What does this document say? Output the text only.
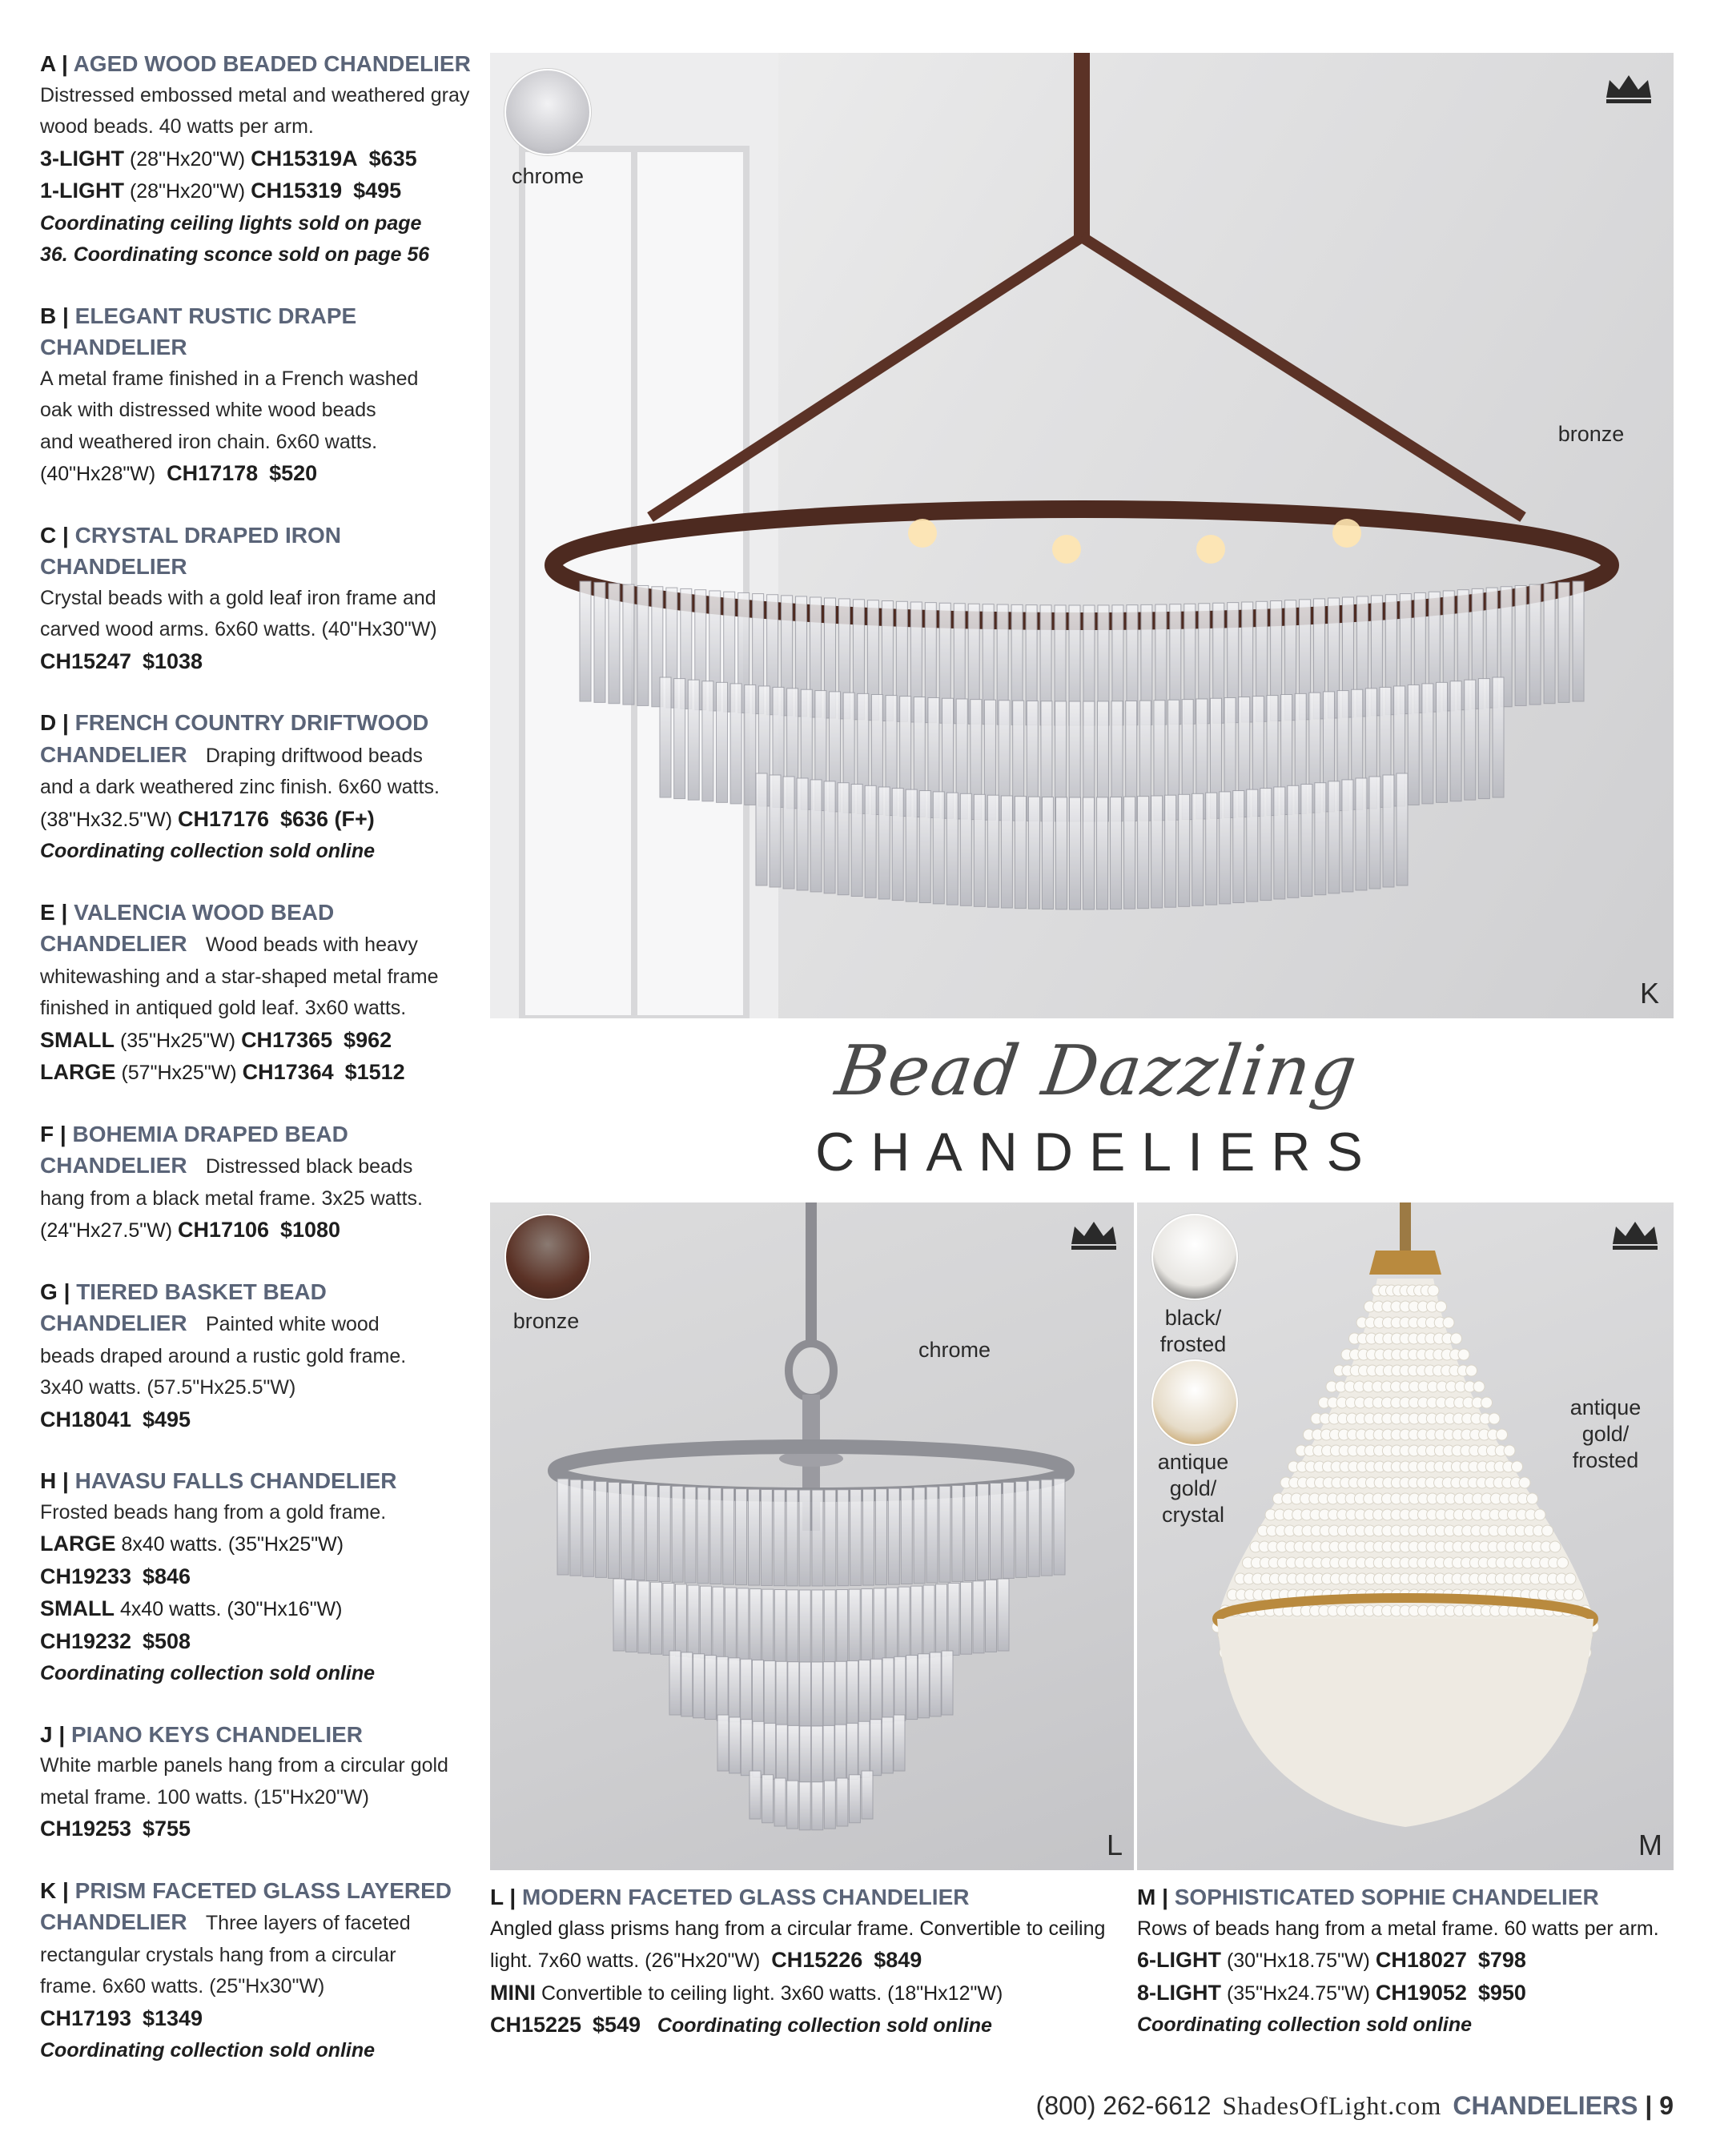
A | AGED WOOD BEADED CHANDELIER
Distressed embossed metal and weathered gray
wood beads. 40 watts per arm.
3-LIGHT (28"Hx20"W) CH15319A $635
1-LIGHT (28"Hx20"W) CH15319 $495
Coordinating ceiling lights sold on page
36. Coordinating sconce sold on page 56
B | ELEGANT RUSTIC DRAPE
CHANDELIER
A metal frame finished in a French washed
oak with distressed white wood beads
and weathered iron chain. 6x60 watts.
(40"Hx28"W) CH17178 $520
C | CRYSTAL DRAPED IRON
CHANDELIER
Crystal beads with a gold leaf iron frame and
carved wood arms. 6x60 watts. (40"Hx30"W)
CH15247 $1038
D | FRENCH COUNTRY DRIFTWOOD
CHANDELIER Draping driftwood beads
and a dark weathered zinc finish. 6x60 watts.
(38"Hx32.5"W) CH17176 $636 (F+)
Coordinating collection sold online
E | VALENCIA WOOD BEAD
CHANDELIER Wood beads with heavy
whitewashing and a star-shaped metal frame
finished in antiqued gold leaf. 3x60 watts.
SMALL (35"Hx25"W) CH17365 $962
LARGE (57"Hx25"W) CH17364 $1512
F | BOHEMIA DRAPED BEAD
CHANDELIER Distressed black beads
hang from a black metal frame. 3x25 watts.
(24"Hx27.5"W) CH17106 $1080
G | TIERED BASKET BEAD
CHANDELIER Painted white wood
beads draped around a rustic gold frame.
3x40 watts. (57.5"Hx25.5"W)
CH18041 $495
H | HAVASU FALLS CHANDELIER
Frosted beads hang from a gold frame.
LARGE 8x40 watts. (35"Hx25"W)
CH19233 $846
SMALL 4x40 watts. (30"Hx16"W)
CH19232 $508
Coordinating collection sold online
J | PIANO KEYS CHANDELIER
White marble panels hang from a circular gold
metal frame. 100 watts. (15"Hx20"W)
CH19253 $755
K | PRISM FACETED GLASS LAYERED
CHANDELIER Three layers of faceted
rectangular crystals hang from a circular
frame. 6x60 watts. (25"Hx30"W)
CH17193 $1349
Coordinating collection sold online
chrome
bronze
K
Bead Dazzling
CHANDELIERS
bronze
chrome
L
black/
frosted
antique
gold/
crystal
antique
gold/
frosted
M
L | MODERN FACETED GLASS CHANDELIER
Angled glass prisms hang from a circular frame. Convertible to ceiling
light. 7x60 watts. (26"Hx20"W) CH15226 $849
MINI Convertible to ceiling light. 3x60 watts. (18"Hx12"W)
CH15225 $549 Coordinating collection sold online
M | SOPHISTICATED SOPHIE CHANDELIER
Rows of beads hang from a metal frame. 60 watts per arm.
6-LIGHT (30"Hx18.75"W) CH18027 $798
8-LIGHT (35"Hx24.75"W) CH19052 $950
Coordinating collection sold online
(800) 262-6612 ShadesOfLight.com CHANDELIERS | 9
